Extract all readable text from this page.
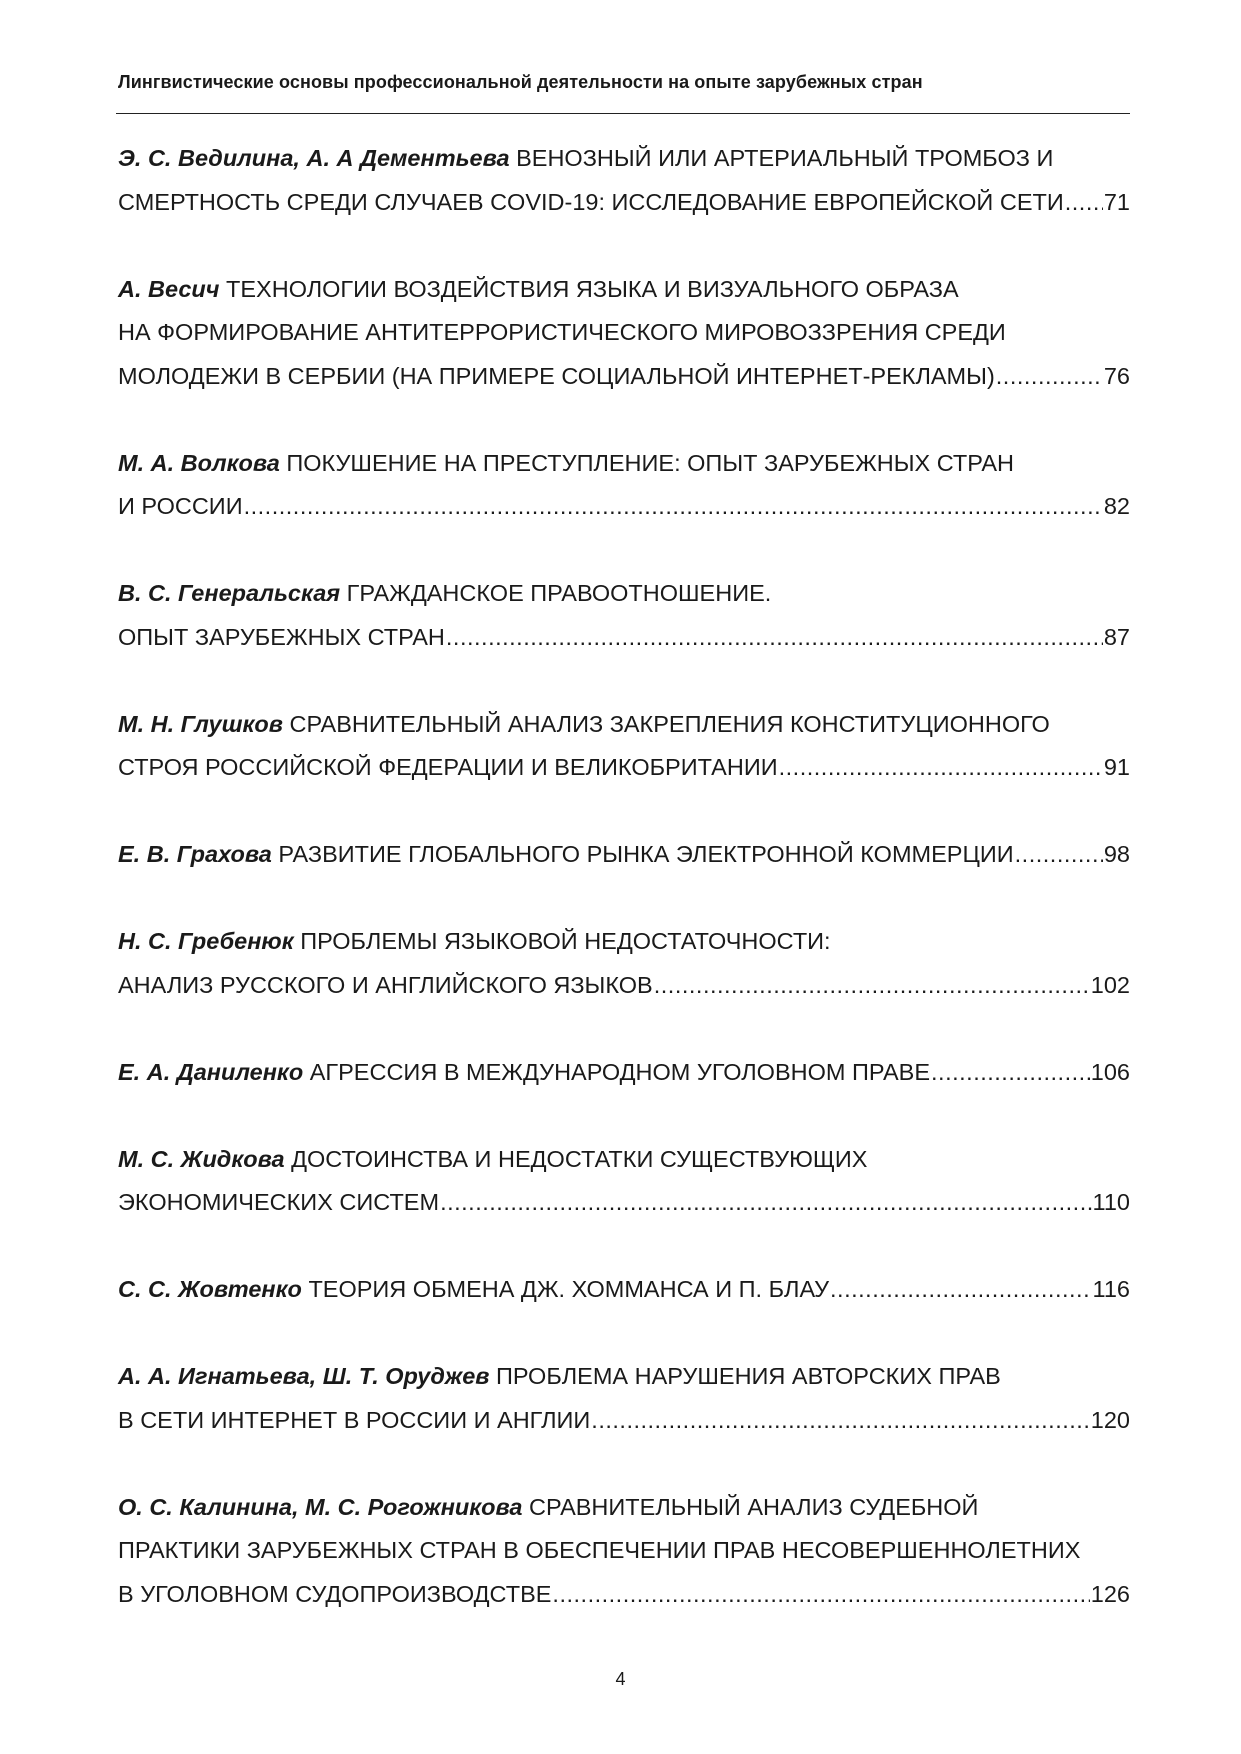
Лингвистические основы профессиональной деятельности на опыте зарубежных стран
Э. С. Ведилина, А. А Дементьева ВЕНОЗНЫЙ ИЛИ АРТЕРИАЛЬНЫЙ ТРОМБОЗ И
СМЕРТНОСТЬ СРЕДИ СЛУЧАЕВ COVID-19: ИССЛЕДОВАНИЕ ЕВРОПЕЙСКОЙ СЕТИ ..... 71
А. Весич ТЕХНОЛОГИИ ВОЗДЕЙСТВИЯ ЯЗЫКА И ВИЗУАЛЬНОГО ОБРАЗА
НА ФОРМИРОВАНИЕ АНТИТЕРРОРИСТИЧЕСКОГО МИРОВОЗЗРЕНИЯ СРЕДИ
МОЛОДЕЖИ В СЕРБИИ (НА ПРИМЕРЕ СОЦИАЛЬНОЙ ИНТЕРНЕТ-РЕКЛАМЫ) .....	76
М. А. Волкова ПОКУШЕНИЕ НА ПРЕСТУПЛЕНИЕ: ОПЫТ ЗАРУБЕЖНЫХ СТРАН
И РОССИИ .....	82
В. С. Генеральская ГРАЖДАНСКОЕ ПРАВООТНОШЕНИЕ.
ОПЫТ ЗАРУБЕЖНЫХ СТРАН .....	87
М. Н. Глушков СРАВНИТЕЛЬНЫЙ АНАЛИЗ ЗАКРЕПЛЕНИЯ КОНСТИТУЦИОННОГО
СТРОЯ РОССИЙСКОЙ ФЕДЕРАЦИИ И ВЕЛИКОБРИТАНИИ .....	91
Е. В. Грахова РАЗВИТИЕ ГЛОБАЛЬНОГО РЫНКА ЭЛЕКТРОННОЙ КОММЕРЦИИ .....	98
Н. С. Гребенюк ПРОБЛЕМЫ ЯЗЫКОВОЙ НЕДОСТАТОЧНОСТИ:
АНАЛИЗ РУССКОГО И АНГЛИЙСКОГО ЯЗЫКОВ .....	102
Е. А. Даниленко АГРЕССИЯ В МЕЖДУНАРОДНОМ УГОЛОВНОМ ПРАВЕ .....	106
М. С. Жидкова ДОСТОИНСТВА И НЕДОСТАТКИ СУЩЕСТВУЮЩИХ
ЭКОНОМИЧЕСКИХ СИСТЕМ .....	110
С. С. Жовтенко ТЕОРИЯ ОБМЕНА ДЖ. ХОММАНСА И П. БЛАУ .....	116
А. А. Игнатьева, Ш. Т. Оруджев ПРОБЛЕМА НАРУШЕНИЯ АВТОРСКИХ ПРАВ
В СЕТИ ИНТЕРНЕТ В РОССИИ И АНГЛИИ .....	120
О. С. Калинина, М. С. Рогожникова СРАВНИТЕЛЬНЫЙ АНАЛИЗ СУДЕБНОЙ
ПРАКТИКИ ЗАРУБЕЖНЫХ СТРАН В ОБЕСПЕЧЕНИИ ПРАВ НЕСОВЕРШЕННОЛЕТНИХ
В УГОЛОВНОМ СУДОПРОИЗВОДСТВЕ .....	126
4
